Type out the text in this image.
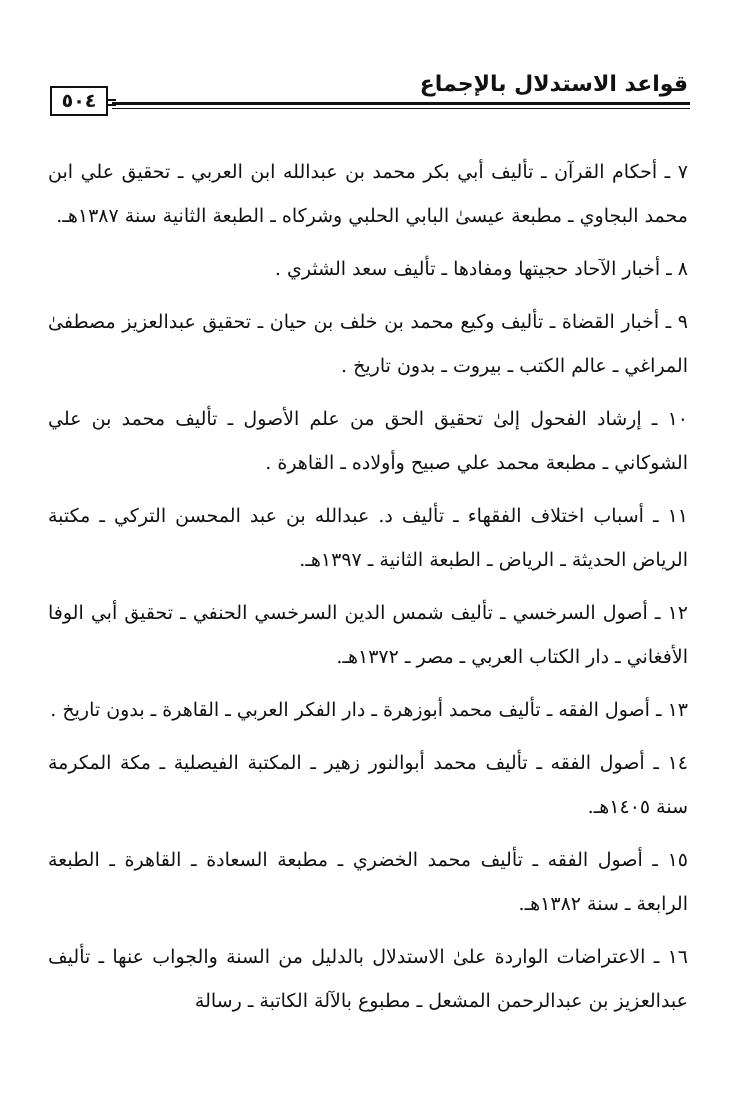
قواعد الاستدلال بالإجماع
٥٠٤

٧ ـ أحكام القرآن ـ تأليف أبي بكر محمد بن عبدالله ابن العربي ـ تحقيق علي ابن محمد البجاوي ـ مطبعة عيسىٰ البابي الحلبي وشركاه ـ الطبعة الثانية سنة ١٣٨٧هـ.

٨ ـ أخبار الآحاد حجيتها ومفادها ـ تأليف سعد الشثري .

٩ ـ أخبار القضاة ـ تأليف وكيع محمد بن خلف بن حيان ـ تحقيق عبدالعزيز مصطفىٰ المراغي ـ عالم الكتب ـ بيروت ـ بدون تاريخ .

١٠ ـ إرشاد الفحول إلىٰ تحقيق الحق من علم الأصول ـ تأليف محمد بن علي الشوكاني ـ مطبعة محمد علي صبيح وأولاده ـ القاهرة .

١١ ـ أسباب اختلاف الفقهاء ـ تأليف د. عبدالله بن عبد المحسن التركي ـ مكتبة الرياض الحديثة ـ الرياض ـ الطبعة الثانية ـ ١٣٩٧هـ.

١٢ ـ أصول السرخسي ـ تأليف شمس الدين السرخسي الحنفي ـ تحقيق أبي الوفا الأفغاني ـ دار الكتاب العربي ـ مصر ـ ١٣٧٢هـ.

١٣ ـ أصول الفقه ـ تأليف محمد أبوزهرة ـ دار الفكر العربي ـ القاهرة ـ بدون تاريخ .

١٤ ـ أصول الفقه ـ تأليف محمد أبوالنور زهير ـ المكتبة الفيصلية ـ مكة المكرمة سنة ١٤٠٥هـ.

١٥ ـ أصول الفقه ـ تأليف محمد الخضري ـ مطبعة السعادة ـ القاهرة ـ الطبعة الرابعة ـ سنة ١٣٨٢هـ.

١٦ ـ الاعتراضات الواردة علىٰ الاستدلال بالدليل من السنة والجواب عنها ـ تأليف عبدالعزيز بن عبدالرحمن المشعل ـ مطبوع بالآلة الكاتبة ـ رسالة
